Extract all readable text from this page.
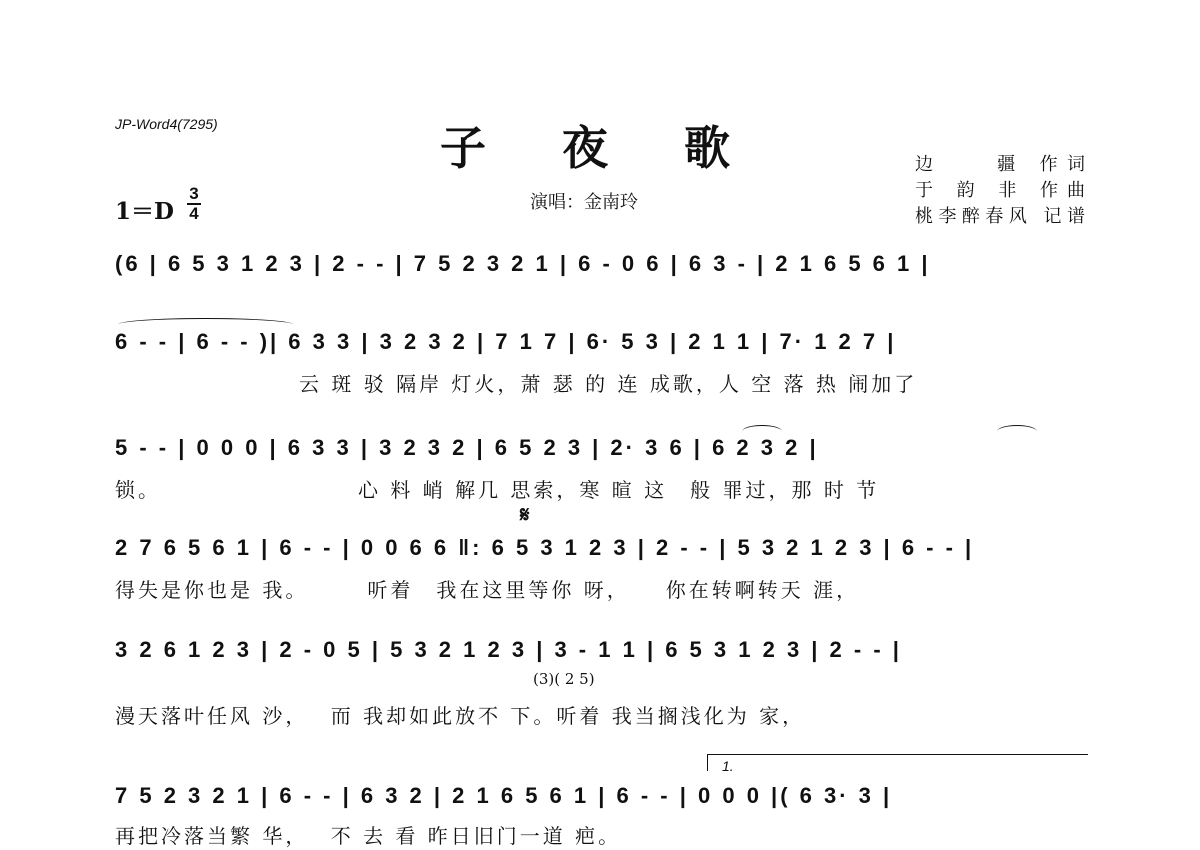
JP-Word4(7295)	子 夜 歌
演唱：金南玲
边　　疆 作词
于 韵 非 作曲
桃李醉春风 记谱
1＝D
3
4
(6 | 6 5 3 1 2 3 | 2 - - | 7 5 2 3 2 1 | 6 - 0 6 | 6 3 - | 2 1 6 5 6 1 |
6 - - | 6 - - )| 6 3 3 | 3 2 3 2 | 7 1 7 | 6· 5 3 | 2 1 1 | 7· 1 2 7 |
　　　　　　　　云 斑 驳 隔岸 灯火，萧 瑟 的 连 成歌，人 空 落 热 闹加了
5 - - | 0 0 0 | 6 3 3 | 3 2 3 2 | 6 5 2 3 | 2· 3 6 | 6 2 3 2 |
锁。　　　　　　　　　心 料 峭 解几 思索，寒 暄 这　般 罪过，那 时 节
𝄋
2 7 6 5 6 1 | 6 - - | 0 0 6 6 ‖: 6 5 3 1 2 3 | 2 - - | 5 3 2 1 2 3 | 6 - - |
得失是你也是 我。　　　听着　我在这里等你 呀，　　你在转啊转天 涯，
3 2 6 1 2 3 | 2 - 0 5 | 5 3 2 1 2 3 | 3 - 1 1 | 6 5 3 1 2 3 | 2 - - |
(3)( 2 5)
漫天落叶任风 沙，　 而 我却如此放不 下。听着 我当搁浅化为 家，
1.
7 5 2 3 2 1 | 6 - - | 6 3 2 | 2 1 6 5 6 1 | 6 - - | 0 0 0 |( 6 3· 3 |
再把冷落当繁 华，　 不 去 看 昨日旧门一道 疤。
